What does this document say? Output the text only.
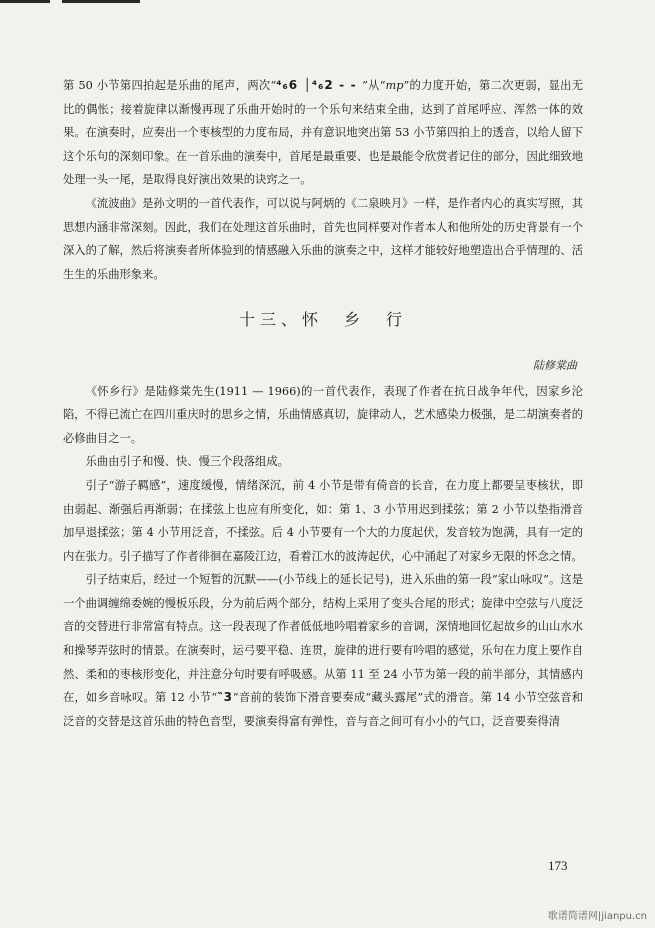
第 50 小节第四拍起是乐曲的尾声，两次“⁴₆6 │⁴₆2 - - ”从“mp”的力度开始，第二次更弱，显出无比的偶怅；接着旋律以渐慢再现了乐曲开始时的一个乐句来结束全曲，达到了首尾呼应、浑然一体的效果。在演奏时，应奏出一个枣核型的力度布局，并有意识地突出第 53 小节第四拍上的透音，以给人留下这个乐句的深刻印象。在一首乐曲的演奏中，首尾是最重要、也是最能令欣赏者记住的部分，因此细致地处理一头一尾，是取得良好演出效果的诀窍之一。

《流波曲》是孙文明的一首代表作，可以说与阿炳的《二泉映月》一样，是作者内心的真实写照，其思想内涵非常深刻。因此，我们在处理这首乐曲时，首先也同样要对作者本人和他所处的历史背景有一个深入的了解，然后将演奏者所体验到的情感融入乐曲的演奏之中，这样才能较好地塑造出合乎情理的、活生生的乐曲形象来。

十三、怀　乡　行
陆修棠曲

《怀乡行》是陆修棠先生(1911 — 1966)的一首代表作，表现了作者在抗日战争年代，因家乡沦陷，不得已流亡在四川重庆时的思乡之情，乐曲情感真切，旋律动人，艺术感染力极强，是二胡演奏者的必修曲目之一。

乐曲由引子和慢、快、慢三个段落组成。

引子“游子羁感”，速度缓慢，情绪深沉，前 4 小节是带有倚音的长音，在力度上都要呈枣核状，即由弱起、渐强后再渐弱；在揉弦上也应有所变化，如：第 1、3 小节用迟到揉弦；第 2 小节以垫指滑音加早退揉弦；第 4 小节用泛音，不揉弦。后 4 小节要有一个大的力度起伏，发音较为饱满，具有一定的内在张力。引子描写了作者徘徊在嘉陵江边，看着江水的波涛起伏，心中涌起了对家乡无限的怀念之情。

引子结束后，经过一个短暂的沉默——(小节线上的延长记号)，进入乐曲的第一段“家山咏叹”。这是一个曲调缠绵委婉的慢板乐段，分为前后两个部分，结构上采用了变头合尾的形式；旋律中空弦与八度泛音的交替进行非常富有特点。这一段表现了作者低低地吟唱着家乡的音调，深情地回忆起故乡的山山水水和操琴弄弦时的情景。在演奏时，运弓要平稳、连贯，旋律的进行要有吟唱的感觉，乐句在力度上要作自然、柔和的枣核形变化，并注意分句时要有呼吸感。从第 11 至 24 小节为第一段的前半部分，其情感内在，如乡音咏叹。第 12 小节“‶3”音前的装饰下滑音要奏成“藏头露尾”式的滑音。第 14 小节空弦音和泛音的交替是这首乐曲的特色音型，要演奏得富有弹性，音与音之间可有小小的气口，泛音要奏得清

173
歌谱简谱网|jianpu.cn
